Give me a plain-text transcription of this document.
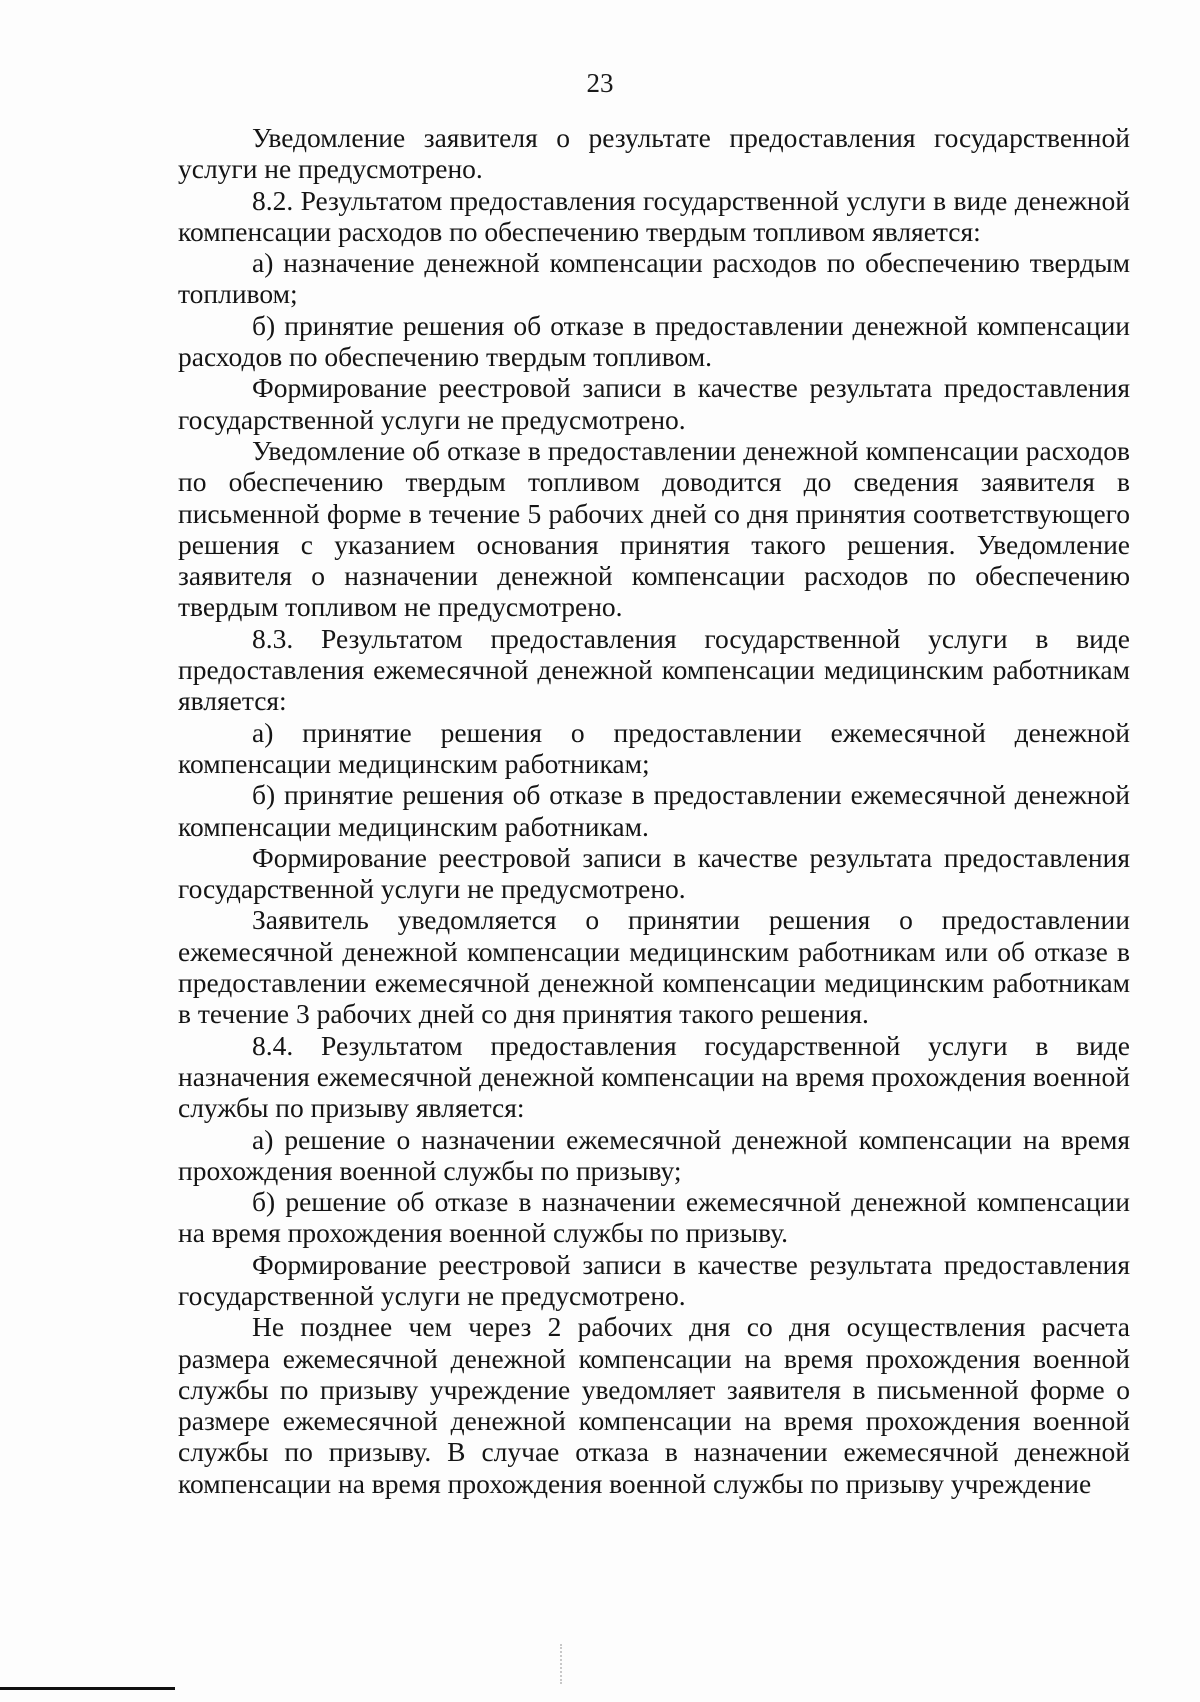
23

Уведомление заявителя о результате предоставления государственной услуги не предусмотрено.

8.2. Результатом предоставления государственной услуги в виде денежной компенсации расходов по обеспечению твердым топливом является:

а) назначение денежной компенсации расходов по обеспечению твердым топливом;

б) принятие решения об отказе в предоставлении денежной компенсации расходов по обеспечению твердым топливом.

Формирование реестровой записи в качестве результата предоставления государственной услуги не предусмотрено.

Уведомление об отказе в предоставлении денежной компенсации расходов по обеспечению твердым топливом доводится до сведения заявителя в письменной форме в течение 5 рабочих дней со дня принятия соответствующего решения с указанием основания принятия такого решения. Уведомление заявителя о назначении денежной компенсации расходов по обеспечению твердым топливом не предусмотрено.

8.3. Результатом предоставления государственной услуги в виде предоставления ежемесячной денежной компенсации медицинским работникам является:

а) принятие решения о предоставлении ежемесячной денежной компенсации медицинским работникам;

б) принятие решения об отказе в предоставлении ежемесячной денежной компенсации медицинским работникам.

Формирование реестровой записи в качестве результата предоставления государственной услуги не предусмотрено.

Заявитель уведомляется о принятии решения о предоставлении ежемесячной денежной компенсации медицинским работникам или об отказе в предоставлении ежемесячной денежной компенсации медицинским работникам в течение 3 рабочих дней со дня принятия такого решения.

8.4. Результатом предоставления государственной услуги в виде назначения ежемесячной денежной компенсации на время прохождения военной службы по призыву является:

а) решение о назначении ежемесячной денежной компенсации на время прохождения военной службы по призыву;

б) решение об отказе в назначении ежемесячной денежной компенсации на время прохождения военной службы по призыву.

Формирование реестровой записи в качестве результата предоставления государственной услуги не предусмотрено.

Не позднее чем через 2 рабочих дня со дня осуществления расчета размера ежемесячной денежной компенсации на время прохождения военной службы по призыву учреждение уведомляет заявителя в письменной форме о размере ежемесячной денежной компенсации на время прохождения военной службы по призыву. В случае отказа в назначении ежемесячной денежной компенсации на время прохождения военной службы по призыву учреждение
